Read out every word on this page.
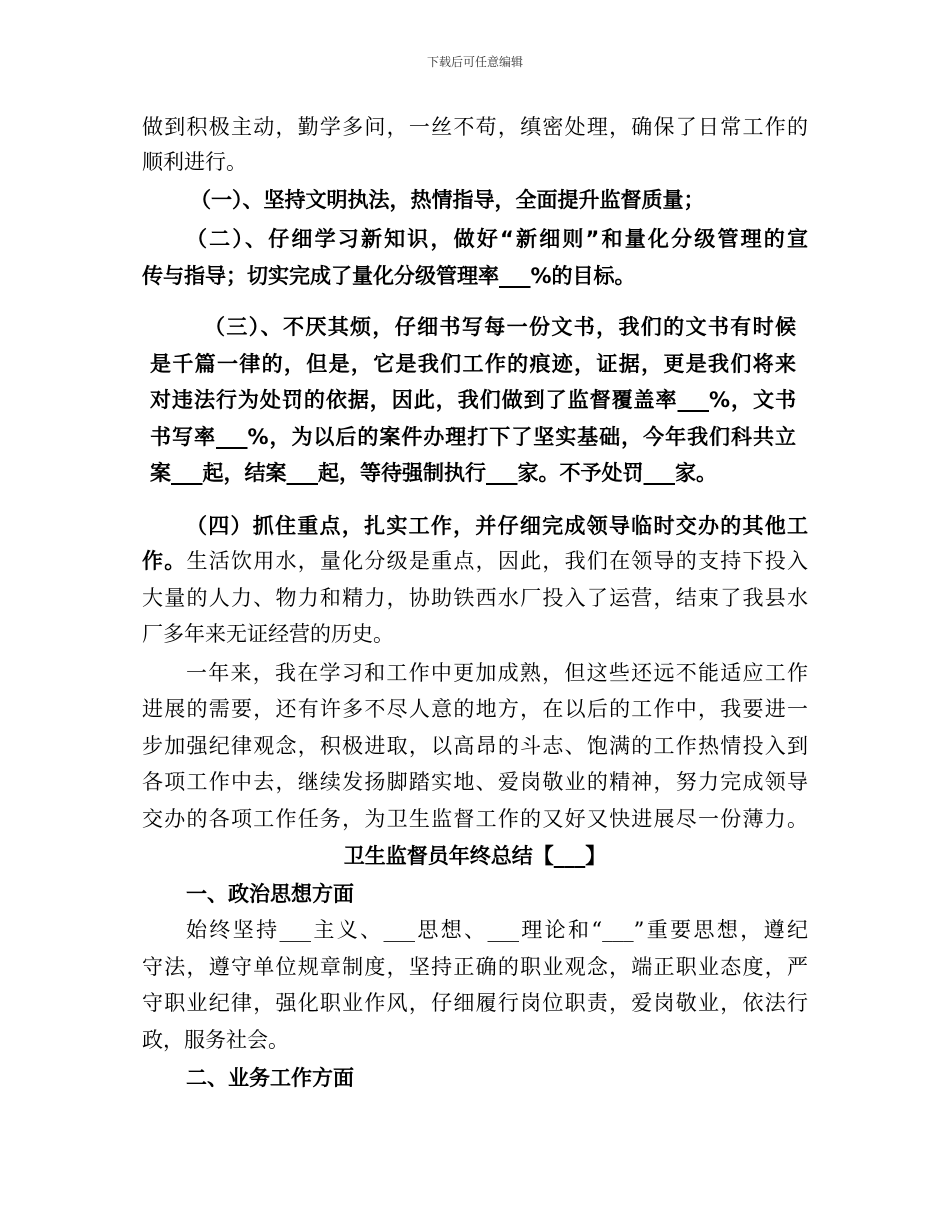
下载后可任意编辑
做到积极主动，勤学多问，一丝不苟，缜密处理，确保了日常工作的
顺利进行。
（一）、坚持文明执法，热情指导，全面提升监督质量；
（二）、仔细学习新知识，做好“新细则”和量化分级管理的宣
传与指导；切实完成了量化分级管理率___%的目标。
（三）、不厌其烦，仔细书写每一份文书，我们的文书有时候
是千篇一律的，但是，它是我们工作的痕迹，证据，更是我们将来
对违法行为处罚的依据，因此，我们做到了监督覆盖率___%，文书
书写率___%，为以后的案件办理打下了坚实基础，今年我们科共立
案___起，结案___起，等待强制执行___家。不予处罚___家。
（四）抓住重点，扎实工作，并仔细完成领导临时交办的其他工
作。生活饮用水，量化分级是重点，因此，我们在领导的支持下投入
大量的人力、物力和精力，协助铁西水厂投入了运营，结束了我县水
厂多年来无证经营的历史。
一年来，我在学习和工作中更加成熟，但这些还远不能适应工作
进展的需要，还有许多不尽人意的地方，在以后的工作中，我要进一
步加强纪律观念，积极进取，以高昂的斗志、饱满的工作热情投入到
各项工作中去，继续发扬脚踏实地、爱岗敬业的精神，努力完成领导
交办的各项工作任务，为卫生监督工作的又好又快进展尽一份薄力。
卫生监督员年终总结【___】
一、政治思想方面
始终坚持___主义、___思想、___理论和“___”重要思想，遵纪
守法，遵守单位规章制度，坚持正确的职业观念，端正职业态度，严
守职业纪律，强化职业作风，仔细履行岗位职责，爱岗敬业，依法行
政，服务社会。
二、业务工作方面
